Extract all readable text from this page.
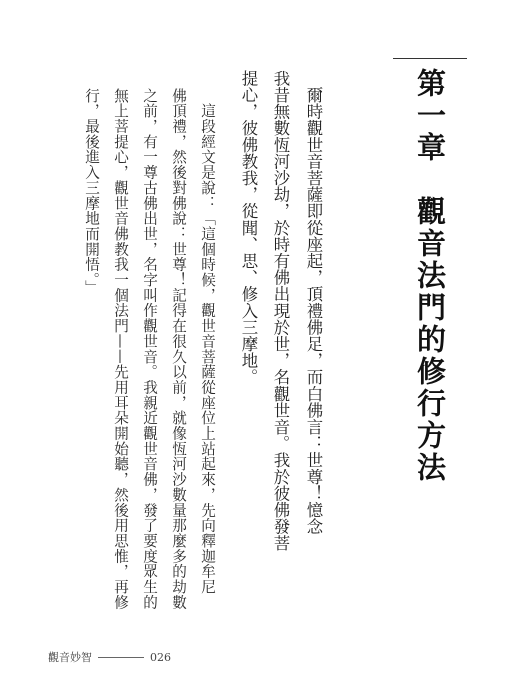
第一章　觀音法門的修行方法
　爾時觀世音菩薩即從座起，頂禮佛足，而白佛言：世尊！憶念
我昔無數恆河沙劫，於時有佛出現於世，名觀世音。我於彼佛發菩
提心，彼佛教我，從聞、思、修入三摩地。
　這段經文是說：「這個時候，觀世音菩薩從座位上站起來，先向釋迦牟尼
佛頂禮，然後對佛說：世尊！記得在很久以前，就像恆河沙數量那麼多的劫數
之前，有一尊古佛出世，名字叫作觀世音。我親近觀世音佛，發了要度眾生的
無上菩提心，觀世音佛教我一個法門——先用耳朵開始聽，然後用思惟，再修
行，最後進入三摩地而開悟。」
觀音妙智	026
